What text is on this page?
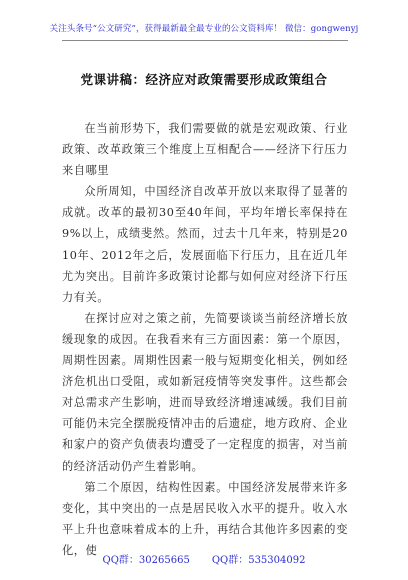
关注头条号“公文研究”，获得最新最全最专业的公文资料库！ 微信：gongwenyj
党课讲稿：经济应对政策需要形成政策组合

在当前形势下，我们需要做的就是宏观政策、行业政策、改革政策三个维度上互相配合——经济下行压力来自哪里

众所周知，中国经济自改革开放以来取得了显著的成就。改革的最初30至40年间，平均年增长率保持在9%以上，成绩斐然。然而，过去十几年来，特别是2010年、2012年之后，发展面临下行压力，且在近几年尤为突出。目前许多政策讨论都与如何应对经济下行压力有关。

在探讨应对之策之前，先简要谈谈当前经济增长放缓现象的成因。在我看来有三方面因素：第一个原因，周期性因素。周期性因素一般与短期变化相关，例如经济危机出口受阻，或如新冠疫情等突发事件。这些都会对总需求产生影响，进而导致经济增速减缓。我们目前可能仍未完全摆脱疫情冲击的后遗症，地方政府、企业和家户的资产负债表均遭受了一定程度的损害，对当前的经济活动仍产生着影响。

第二个原因，结构性因素。中国经济发展带来许多变化，其中突出的一点是居民收入水平的提升。收入水平上升也意味着成本的上升，再结合其他许多因素的变化，使

QQ群：30265665 QQ群：535304092
